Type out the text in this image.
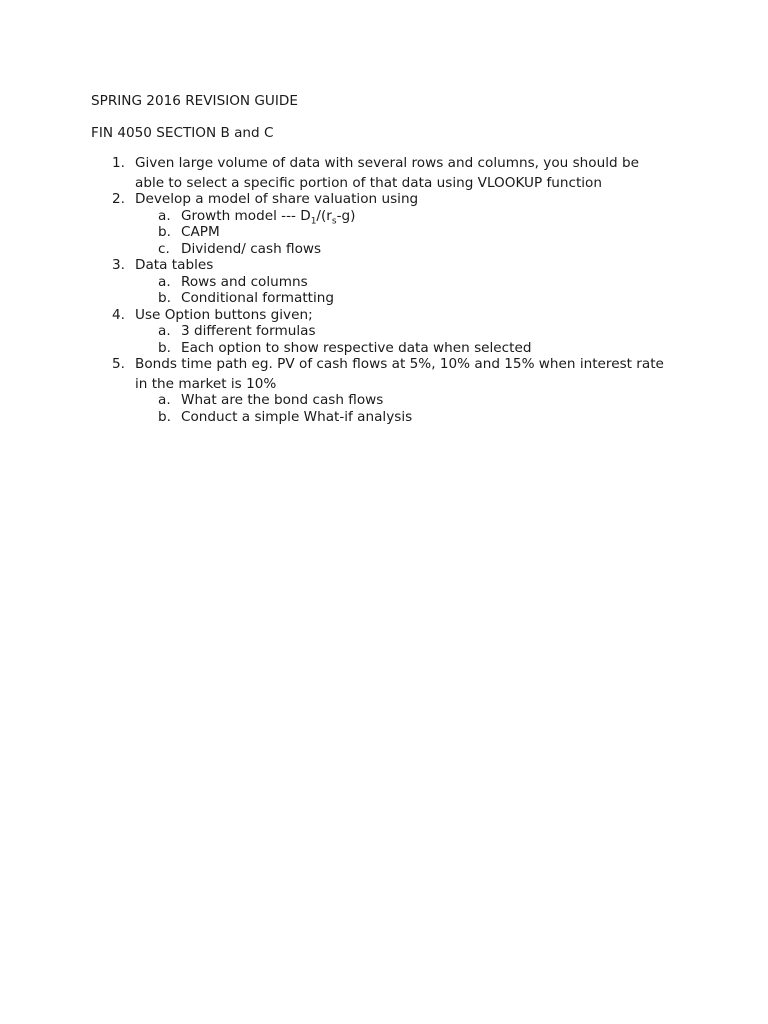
SPRING 2016 REVISION GUIDE
FIN 4050 SECTION B and C
1. Given large volume of data with several rows and columns, you should be
able to select a specific portion of that data using VLOOKUP function
2. Develop a model of share valuation using
a. Growth model --- $D_1/(r_s-g)$
b. CAPM
c. Dividend/ cash flows
3. Data tables
a. Rows and columns
b. Conditional formatting
4. Use Option buttons given;
a. 3 different formulas
b. Each option to show respective data when selected
5. Bonds time path eg. PV of cash flows at 5%, 10% and 15% when interest rate
in the market is 10%
a. What are the bond cash flows
b. Conduct a simple What-if analysis
